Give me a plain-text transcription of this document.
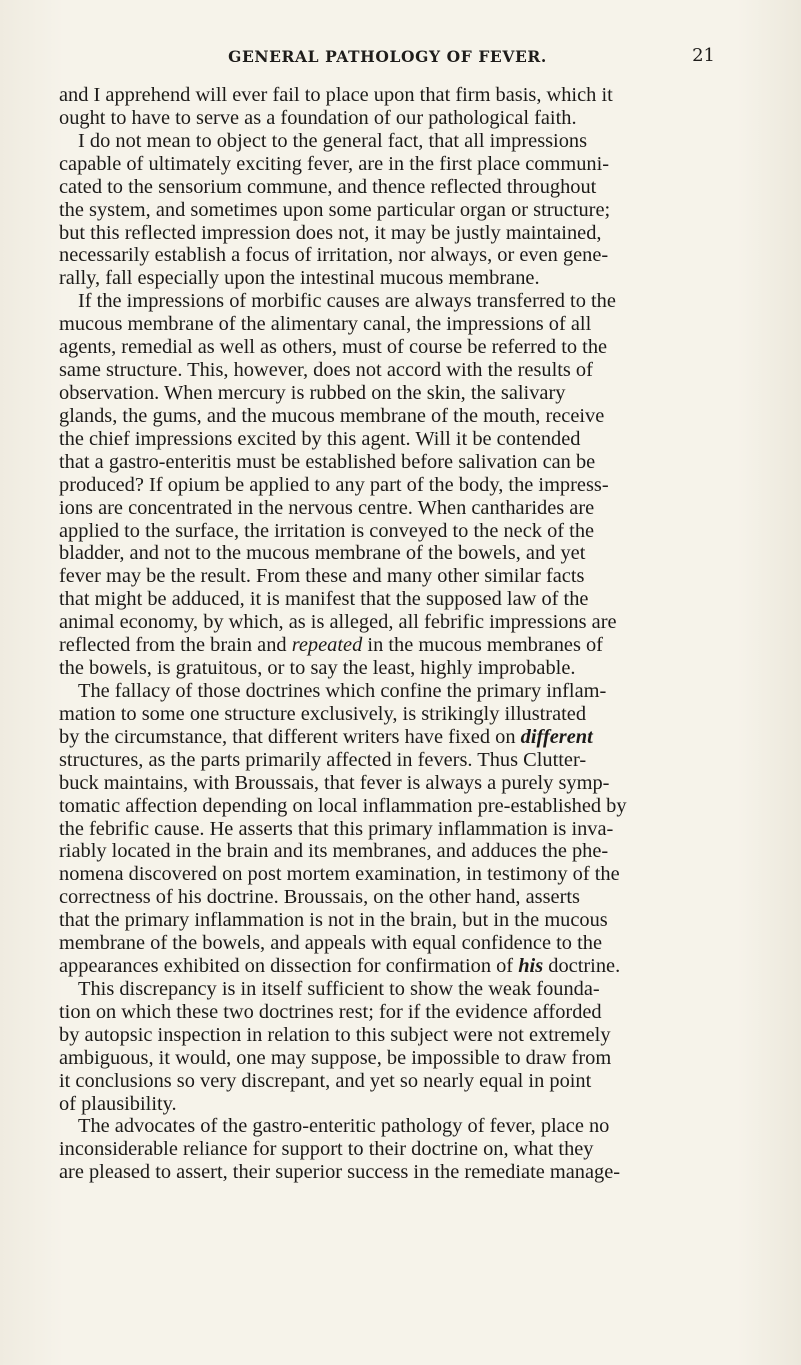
GENERAL PATHOLOGY OF FEVER.	21
and I apprehend will ever fail to place upon that firm basis, which it
ought to have to serve as a foundation of our pathological faith.
I do not mean to object to the general fact, that all impressions
capable of ultimately exciting fever, are in the first place communi-
cated to the sensorium commune, and thence reflected throughout
the system, and sometimes upon some particular organ or structure;
but this reflected impression does not, it may be justly maintained,
necessarily establish a focus of irritation, nor always, or even gene-
rally, fall especially upon the intestinal mucous membrane.
If the impressions of morbific causes are always transferred to the
mucous membrane of the alimentary canal, the impressions of all
agents, remedial as well as others, must of course be referred to the
same structure. This, however, does not accord with the results of
observation. When mercury is rubbed on the skin, the salivary
glands, the gums, and the mucous membrane of the mouth, receive
the chief impressions excited by this agent. Will it be contended
that a gastro-enteritis must be established before salivation can be
produced? If opium be applied to any part of the body, the impress-
ions are concentrated in the nervous centre. When cantharides are
applied to the surface, the irritation is conveyed to the neck of the
bladder, and not to the mucous membrane of the bowels, and yet
fever may be the result. From these and many other similar facts
that might be adduced, it is manifest that the supposed law of the
animal economy, by which, as is alleged, all febrific impressions are
reflected from the brain and repeated in the mucous membranes of
the bowels, is gratuitous, or to say the least, highly improbable.
The fallacy of those doctrines which confine the primary inflam-
mation to some one structure exclusively, is strikingly illustrated
by the circumstance, that different writers have fixed on different
structures, as the parts primarily affected in fevers. Thus Clutter-
buck maintains, with Broussais, that fever is always a purely symp-
tomatic affection depending on local inflammation pre-established by
the febrific cause. He asserts that this primary inflammation is inva-
riably located in the brain and its membranes, and adduces the phe-
nomena discovered on post mortem examination, in testimony of the
correctness of his doctrine. Broussais, on the other hand, asserts
that the primary inflammation is not in the brain, but in the mucous
membrane of the bowels, and appeals with equal confidence to the
appearances exhibited on dissection for confirmation of his doctrine.
This discrepancy is in itself sufficient to show the weak founda-
tion on which these two doctrines rest; for if the evidence afforded
by autopsic inspection in relation to this subject were not extremely
ambiguous, it would, one may suppose, be impossible to draw from
it conclusions so very discrepant, and yet so nearly equal in point
of plausibility.
The advocates of the gastro-enteritic pathology of fever, place no
inconsiderable reliance for support to their doctrine on, what they
are pleased to assert, their superior success in the remediate manage-
